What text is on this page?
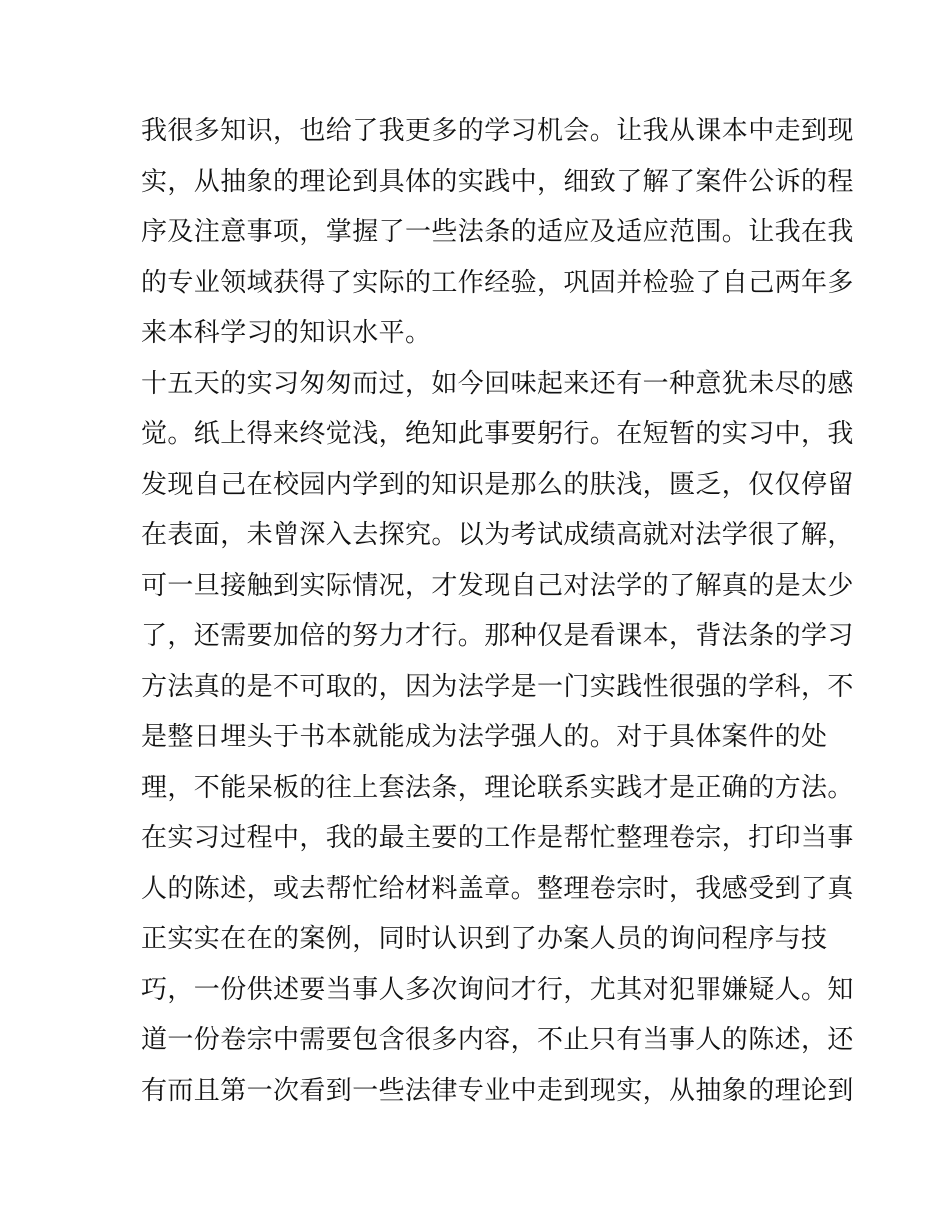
我很多知识，也给了我更多的学习机会。让我从课本中走到现
实，从抽象的理论到具体的实践中，细致了解了案件公诉的程
序及注意事项，掌握了一些法条的适应及适应范围。让我在我
的专业领域获得了实际的工作经验，巩固并检验了自己两年多
来本科学习的知识水平。
十五天的实习匆匆而过，如今回味起来还有一种意犹未尽的感
觉。纸上得来终觉浅，绝知此事要躬行。在短暂的实习中，我
发现自己在校园内学到的知识是那么的肤浅，匮乏，仅仅停留
在表面，未曾深入去探究。以为考试成绩高就对法学很了解，
可一旦接触到实际情况，才发现自己对法学的了解真的是太少
了，还需要加倍的努力才行。那种仅是看课本，背法条的学习
方法真的是不可取的，因为法学是一门实践性很强的学科，不
是整日埋头于书本就能成为法学强人的。对于具体案件的处
理，不能呆板的往上套法条，理论联系实践才是正确的方法。
在实习过程中，我的最主要的工作是帮忙整理卷宗，打印当事
人的陈述，或去帮忙给材料盖章。整理卷宗时，我感受到了真
正实实在在的案例，同时认识到了办案人员的询问程序与技
巧，一份供述要当事人多次询问才行，尤其对犯罪嫌疑人。知
道一份卷宗中需要包含很多内容，不止只有当事人的陈述，还
有而且第一次看到一些法律专业中走到现实，从抽象的理论到
